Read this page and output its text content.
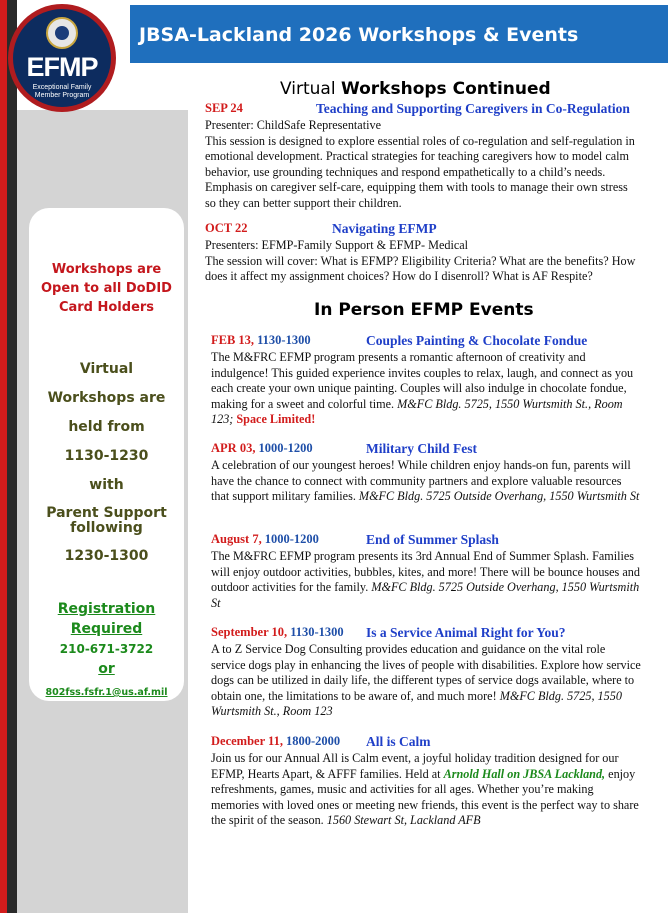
EFMP
Exceptional Family Member Program
Workshops are
Open to all DoDID
Card Holders
Virtual
Workshops are
held from
1130-1230
with
Parent Support
following
1230-1300
Registration
Required
210-671-3722
or
802fss.fsfr.1@us.af.mil
JBSA-Lackland 2026 Workshops & Events
Virtual Workshops Continued
SEP 24	Teaching and Supporting Caregivers in Co-Regulation
Presenter: ChildSafe Representative
This session is designed to explore essential roles of co-regulation and self-regulation in emotional development. Practical strategies for teaching caregivers how to model calm behavior, use grounding techniques and respond empathetically to a child’s needs. Emphasis on caregiver self-care, equipping them with tools to manage their own stress so they can better support their children.
OCT 22	Navigating EFMP
Presenters: EFMP-Family Support & EFMP- Medical
The session will cover: What is EFMP? Eligibility Criteria? What are the benefits? How does it affect my assignment choices? How do I disenroll? What is AF Respite?
In Person EFMP Events
FEB 13, 1130-1300	Couples Painting & Chocolate Fondue
The M&FRC EFMP program presents a romantic afternoon of creativity and indulgence! This guided experience invites couples to relax, laugh, and connect as you each create your own unique painting. Couples will also indulge in chocolate fondue, making for a sweet and colorful time. M&FC Bldg. 5725, 1550 Wurtsmith St., Room 123; Space Limited!
APR 03, 1000-1200	Military Child Fest
A celebration of our youngest heroes! While children enjoy hands-on fun, parents will have the chance to connect with community partners and explore valuable resources that support military families. M&FC Bldg. 5725 Outside Overhang, 1550 Wurtsmith St
August 7, 1000-1200	End of Summer Splash
The M&FRC EFMP program presents its 3rd Annual End of Summer Splash. Families will enjoy outdoor activities, bubbles, kites, and more! There will be bounce houses and outdoor activities for the family. M&FC Bldg. 5725 Outside Overhang, 1550 Wurtsmith St
September 10, 1130-1300 Is a Service Animal Right for You?
A to Z Service Dog Consulting provides education and guidance on the vital role service dogs play in enhancing the lives of people with disabilities. Explore how service dogs can be utilized in daily life, the different types of service dogs available, where to obtain one, the limitations to be aware of, and much more! M&FC Bldg. 5725, 1550 Wurtsmith St., Room 123
December 11, 1800-2000 All is Calm
Join us for our Annual All is Calm event, a joyful holiday tradition designed for our EFMP, Hearts Apart, & AFFF families. Held at Arnold Hall on JBSA Lackland, enjoy refreshments, games, music and activities for all ages. Whether you’re making memories with loved ones or meeting new friends, this event is the perfect way to share the spirit of the season. 1560 Stewart St, Lackland AFB
